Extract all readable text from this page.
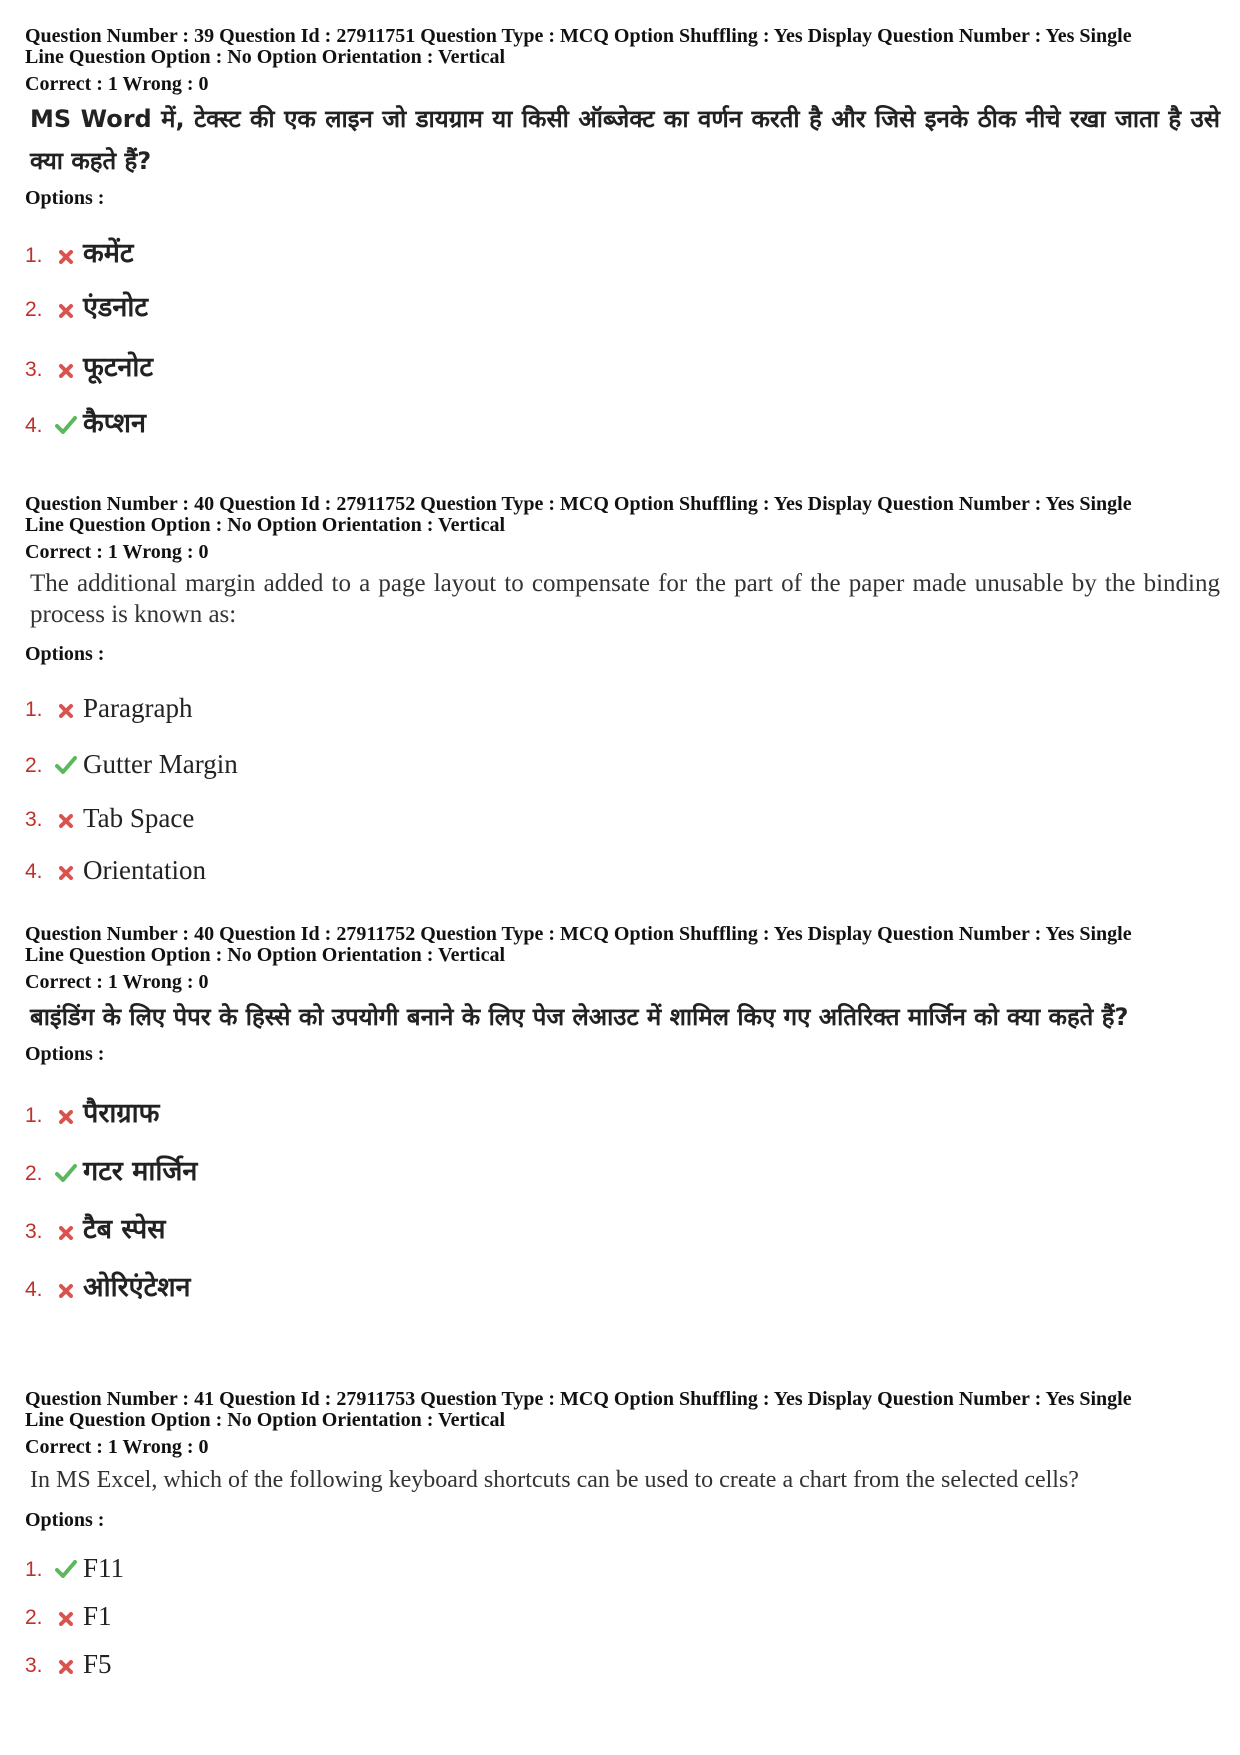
Question Number : 39 Question Id : 27911751 Question Type : MCQ Option Shuffling : Yes Display Question Number : Yes Single
Line Question Option : No Option Orientation : Vertical
Correct : 1 Wrong : 0
MS Word में, टेक्स्ट की एक लाइन जो डायग्राम या किसी ऑब्जेक्ट का वर्णन करती है और जिसे इनके ठीक नीचे रखा जाता है उसे क्या कहते हैं?
Options :
1. कमेंट
2. एंडनोट
3. फूटनोट
4. कैप्शन
Question Number : 40 Question Id : 27911752 Question Type : MCQ Option Shuffling : Yes Display Question Number : Yes Single
Line Question Option : No Option Orientation : Vertical
Correct : 1 Wrong : 0
The additional margin added to a page layout to compensate for the part of the paper made unusable by the binding process is known as:
Options :
1. Paragraph
2. Gutter Margin
3. Tab Space
4. Orientation
Question Number : 40 Question Id : 27911752 Question Type : MCQ Option Shuffling : Yes Display Question Number : Yes Single
Line Question Option : No Option Orientation : Vertical
Correct : 1 Wrong : 0
बाइंडिंग के लिए पेपर के हिस्से को उपयोगी बनाने के लिए पेज लेआउट में शामिल किए गए अतिरिक्त मार्जिन को क्या कहते हैं?
Options :
1. पैराग्राफ
2. गटर मार्जिन
3. टैब स्पेस
4. ओरिएंटेशन
Question Number : 41 Question Id : 27911753 Question Type : MCQ Option Shuffling : Yes Display Question Number : Yes Single
Line Question Option : No Option Orientation : Vertical
Correct : 1 Wrong : 0
In MS Excel, which of the following keyboard shortcuts can be used to create a chart from the selected cells?
Options :
1. F11
2. F1
3. F5
